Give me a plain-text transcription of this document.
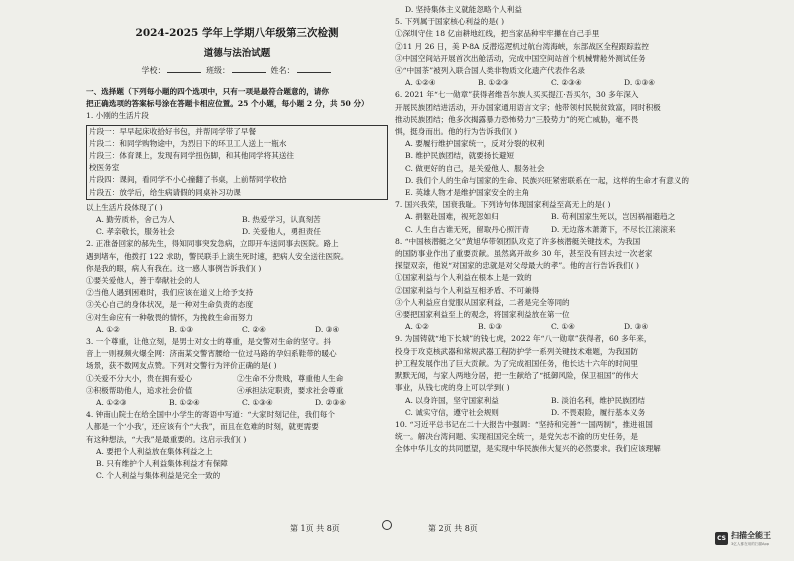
2024-2025 学年上学期八年级第三次检测
道德与法治试题
学校：	班级：	姓名：
一、选择题（下列每小题的四个选项中，只有一项是最符合题意的，请你
把正确选项的答案标号涂在答题卡相应位置。25 个小题，每小题 2 分，共 50 分）
1. 小刚的生活片段
片段一：早早起床收拾好书包，并帮同学带了早餐
片段二：和同学购物途中，为烈日下的环卫工人送上一瓶水
片段三：体育课上，发现有同学扭伤脚，和其他同学将其送往
校医务室
片段四：课间，看同学不小心撞翻了书桌，上前帮同学收拾
片段五：放学后，给生病请假的同桌补习功课
以上生活片段体现了( )
A. 勤劳质朴，舍己为人	B. 热爱学习，认真刻苦
C. 孝亲敬长，服务社会	D. 关爱他人，勇担责任
2. 正准备回家的郝先生，得知同事突发急病，立即开车送同事去医院。路上
遇到堵车，他拨打 122 求助，警民联手上演生死时速，把病人安全送往医院。
你是我的眼，病人有我在。这一感人事例告诉我们( )
①要关爱他人，善于奉献社会的人
②当他人遇到困难时，我们应该在道义上给予支持
③关心自己的身体状况，是一种对生命负责的态度
④对生命应有一种敬畏的情怀，为挽救生命而努力
A. ①②	B. ①③	C. ②④	D. ③④
3. 一个尊重，让他立刻，是男士对女士的尊重，是交警对生命的坚守。抖
音上一则视频火爆全网：济南某交警宵腰给一位过马路的孕妇系鞋带的暖心
场景，获不数网友点赞。下列对交警行为评价正确的是( )
①关爱不分大小，贵在拥有爱心	②生命不分贵贱，尊重他人生命
③积极帮助他人，追求社会价值	④承担法定职责，要求社会尊重
A. ①②③	B. ①②④	C. ①③④	D. ②③④
4. 钟南山院士在给全国中小学生的寄语中写道：“大家时刻记住，我们每个
人都是一个‘小我’，还应该有个“大我”，而且在危难的时刻，就更需要
有这种想法，“大我”是最重要的。这启示我们( )
A. 要把个人利益放在集体利益之上
B. 只有维护个人利益集体利益才有保障
C. 个人利益与集体利益是完全一致的
D. 坚持集体主义就能忽略个人利益
5. 下列属于国家核心利益的是( )
①深圳守住 18 亿亩耕地红线，把当家品种牢牢攥在自己手里
②11 月 26 日，美 P-8A 反潜巡逻机过航台湾海峡，东部战区全程跟踪监控
③中国空间站开展首次出舱活动，完成中国空间站首个机械臂舱外测试任务
④“中国茶”被列入联合国人类非物质文化遗产代表作名录
A. ①②④	B. ①②③	C. ②③④	D. ①③④
6. 2021 年“七一勋章”获得者维吾尔族人买买提江·吾买尔，30 多年深入
开展民族团结进活动，开办国家通用语言文字；他带领村民脱贫致富，同时积极
推动民族团结；他多次揭露暴力恐怖势力“三股势力”的死亡威胁，毫不畏
惧，挺身而出。他的行为告诉我们( )
A. 要履行维护国家统一，反对分裂的权利
B. 维护民族团结，就要扬长避短
C. 做更好的自己，是关爱他人、服务社会
D. 我们个人的生命与国家的生命、民族兴旺紧密联系在一起，这样的生命才有意义的
E. 英雄人物才是维护国家安全的主角
7. 国兴我荣，国衰我耻。下列诗句体现国家利益至高无上的是( )
A. 捐躯赴国难，视死忽如归	B. 苟利国家生死以，岂因祸福避趋之
C. 人生自古谁无死，留取丹心照汗青	D. 无边落木萧萧下，不尽长江滚滚来
8. “中国核潜艇之父”黄旭华带领团队攻克了许多核潜艇关键技术，为我国
的国防事业作出了重要贡献。虽然离开故乡 30 年，甚至没有回去过一次老家
探望双亲，他说“对国家的忠就是对父母最大的孝”。他的言行告诉我们( )
①国家利益与个人利益在根本上是一致的
②国家利益与个人利益互相矛盾、不可兼得
③个人利益应自觉服从国家利益，二者是完全等同的
④要把国家利益至上的观念，将国家利益放在第一位
A. ①②	B. ①③	C. ①④	D. ③④
9. 为国铸就“地下长城”的钱七虎，2022 年“八一勋章”获得者，60 多年来，
投身于攻克核武器和常规武器工程防护学一系列关键技术难题，为我国防
护工程发展作出了巨大贡献。为了完成祖国任务，他长达十六年的时间里
默默无闻，与家人两地分居，把一生献给了“抵御风险，保卫祖国”的伟大
事业，从钱七虎的身上可以学到( )
A. 以身许国，坚守国家利益	B. 淡泊名利，维护民族团结
C. 诚实守信，遵守社会规则	D. 不畏艰险，履行基本义务
10. “习近平总书记在二十大报告中强调：“坚持和完善“一国两制”，推进祖国
统一。解决台湾问题、实现祖国完全统一，是党矢志不渝的历史任务，是
全体中华儿女的共同愿望，是实现中华民族伟大复兴的必然要求。我们应该理解
第 1页 共 8页	第 2页 共 8页
CS 扫描全能王
3亿人都在用的扫描App
